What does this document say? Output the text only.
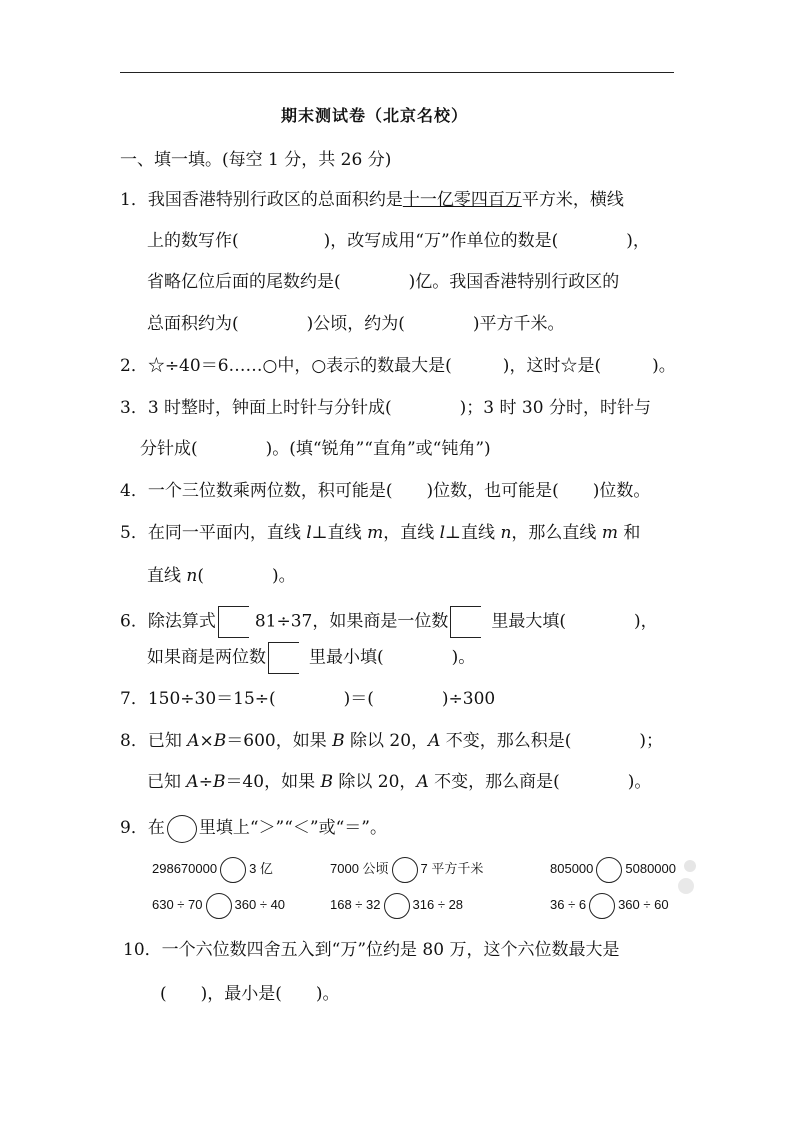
期末测试卷（北京名校）
一、填一填。(每空 1 分，共 26 分)
1．我国香港特别行政区的总面积约是十一亿零四百万平方米，横线
上的数写作(　　　　　)，改写成用“万”作单位的数是(　　　　)，
省略亿位后面的尾数约是(　　　　)亿。我国香港特别行政区的
总面积约为(　　　　)公顷，约为(　　　　)平方千米。
2．☆÷40＝6……○中，○表示的数最大是(　　　)，这时☆是(　　　)。
3．3 时整时，钟面上时针与分针成(　　　　)；3 时 30 分时，时针与
分针成(　　　　)。(填“锐角”“直角”或“钝角”)
4．一个三位数乘两位数，积可能是(　　)位数，也可能是(　　)位数。
5．在同一平面内，直线 l⊥直线 m，直线 l⊥直线 n，那么直线 m 和
直线 n(　　　　)。
6．除法算式 81÷37，如果商是一位数	里最大填(　　　　)，
如果商是两位数	里最小填(　　　　)。
7．150÷30＝15÷(　　　　)＝(　　　　)÷300
8．已知 A×B＝600，如果 B 除以 20，A 不变，那么积是(　　　　)；
已知 A÷B＝40，如果 B 除以 20，A 不变，那么商是(　　　　)。
9．在 里填上“＞”“＜”或“＝”。
298670000 3 亿	7000 公顷 7 平方千米	805000 5080000
630 ÷ 70 360 ÷ 40	168 ÷ 32 316 ÷ 28	36 ÷ 6 360 ÷ 60
10．一个六位数四舍五入到“万”位约是 80 万，这个六位数最大是
(　　)，最小是(　　)。
